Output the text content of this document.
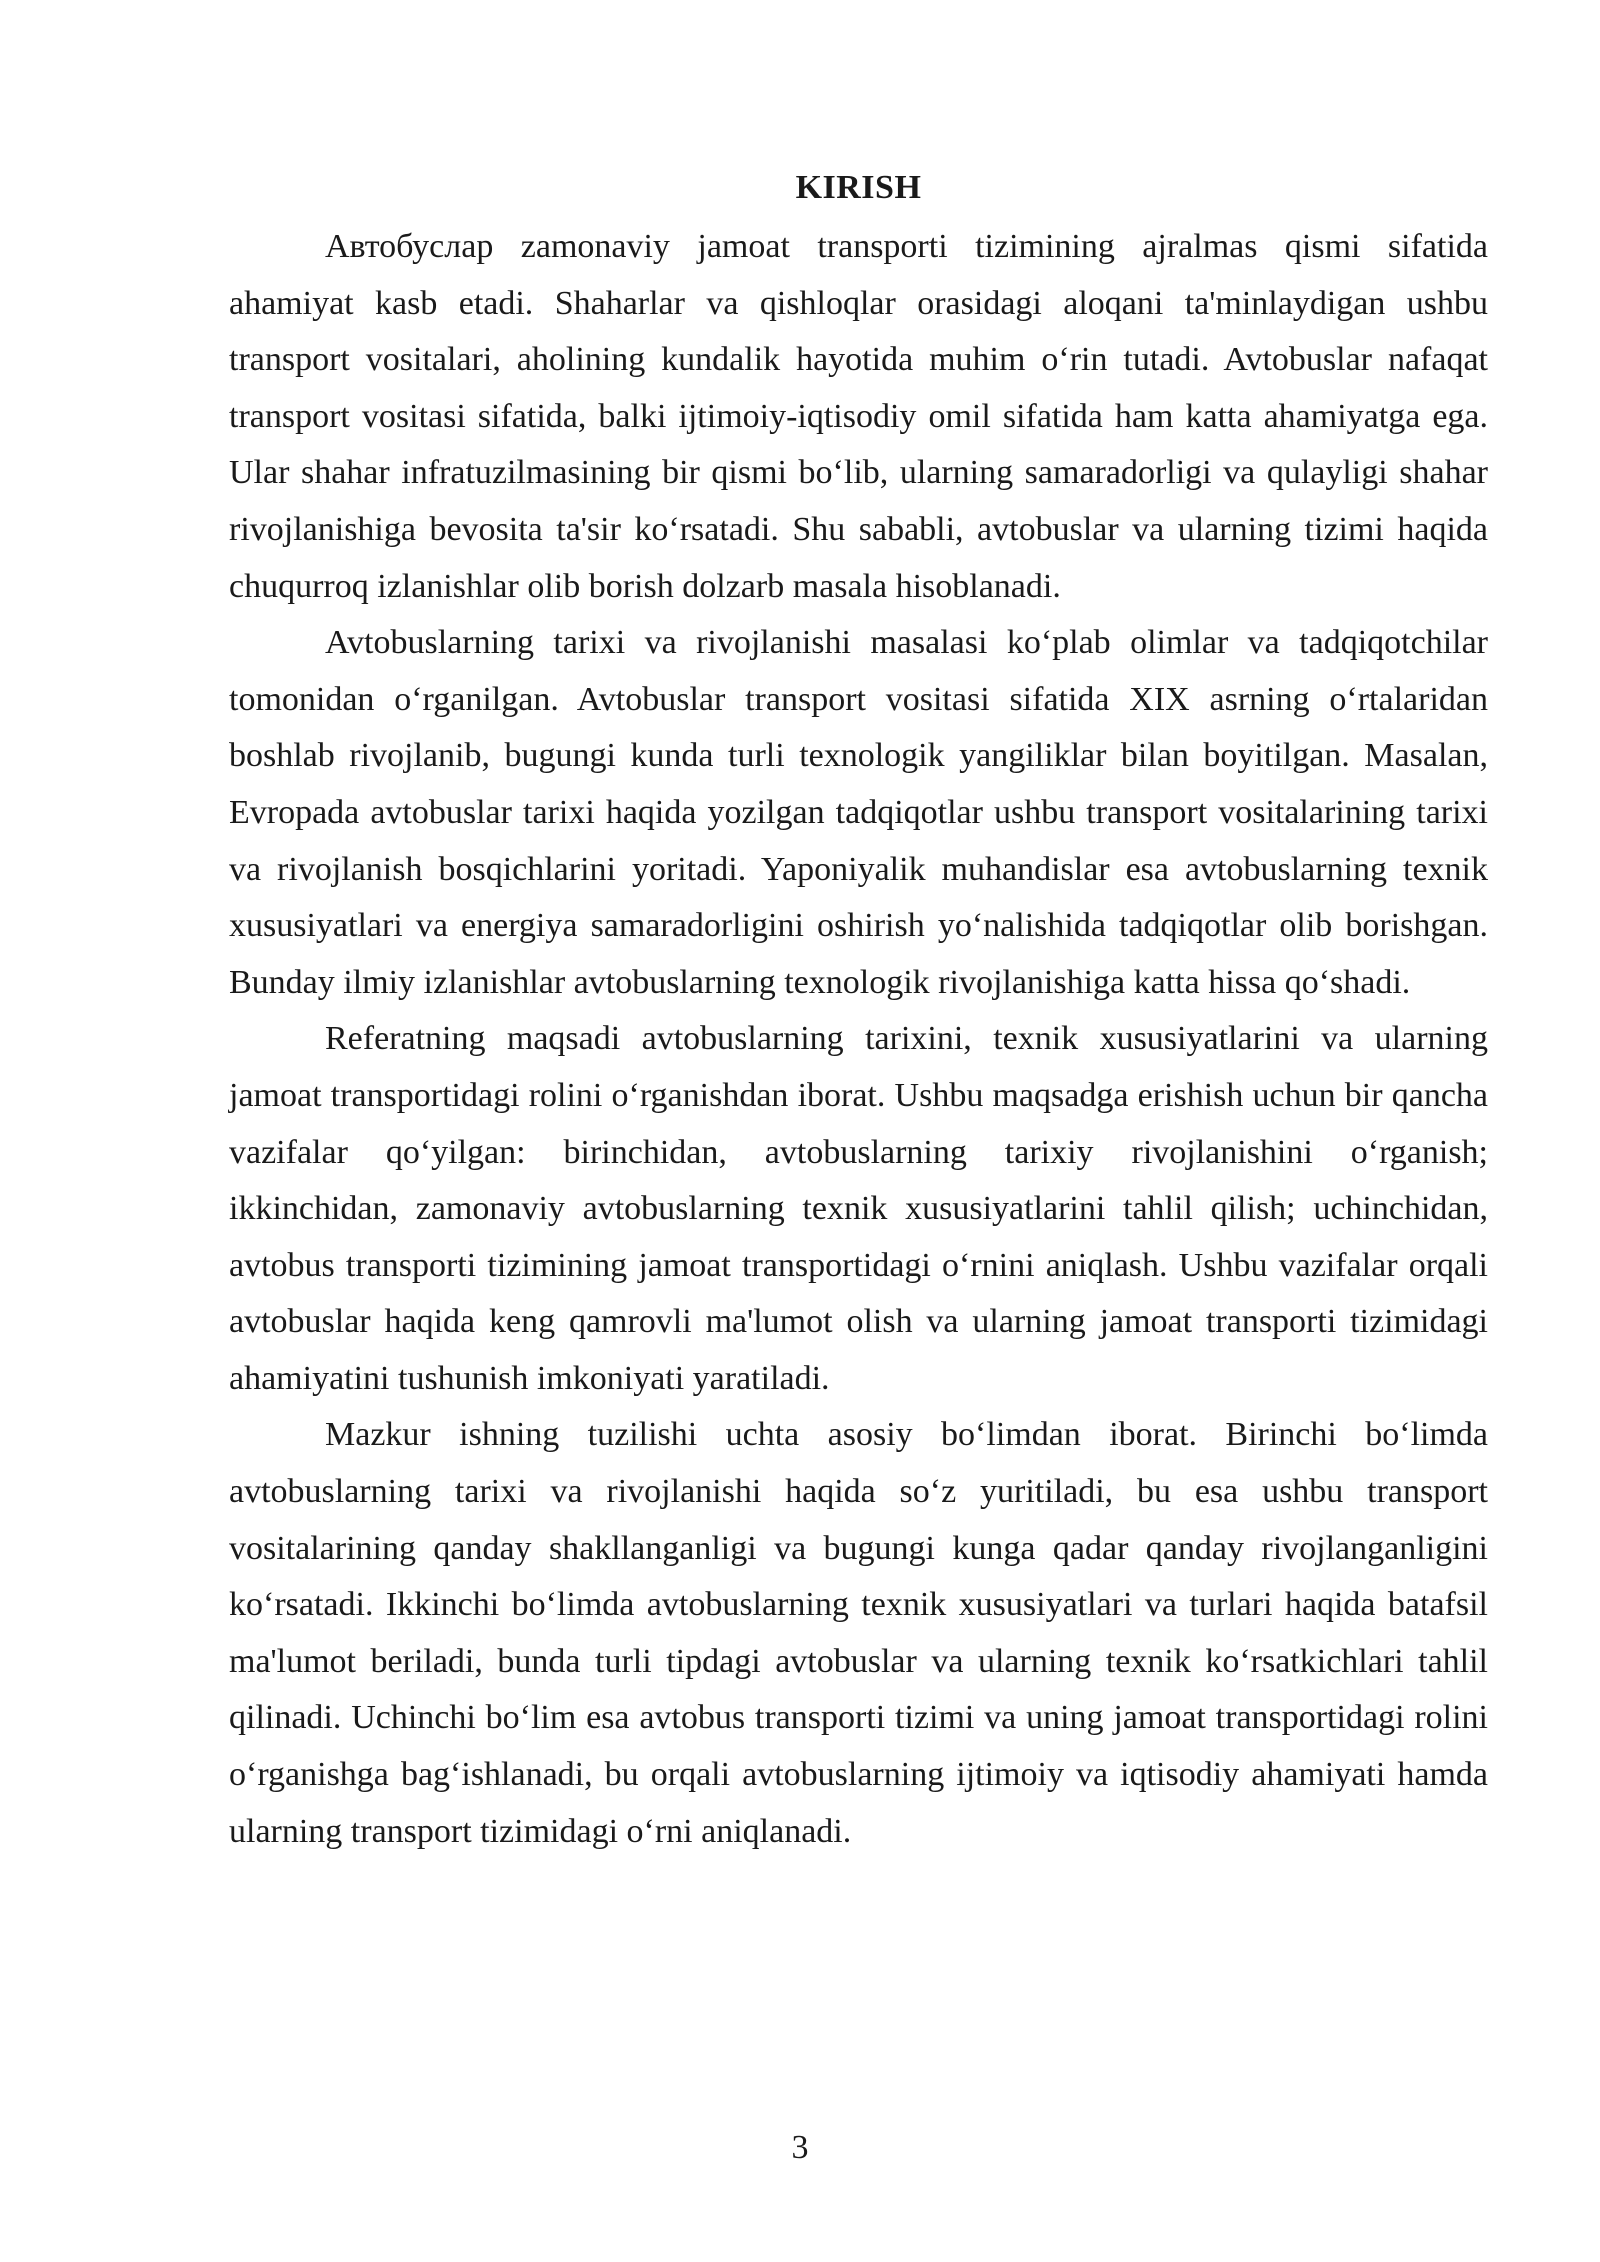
KIRISH

Автобуcлар zamonaviy jamoat transporti tizimining ajralmas qismi sifatida ahamiyat kasb etadi. Shaharlar va qishloqlar orasidagi aloqani ta'minlaydigan ushbu transport vositalari, aholining kundalik hayotida muhim o‘rin tutadi. Avtobuslar nafaqat transport vositasi sifatida, balki ijtimoiy-iqtisodiy omil sifatida ham katta ahamiyatga ega. Ular shahar infratuzilmasining bir qismi bo‘lib, ularning samaradorligi va qulayligi shahar rivojlanishiga bevosita ta'sir ko‘rsatadi. Shu sababli, avtobuslar va ularning tizimi haqida chuqurroq izlanishlar olib borish dolzarb masala hisoblanadi.

Avtobuslarning tarixi va rivojlanishi masalasi ko‘plab olimlar va tadqiqotchilar tomonidan o‘rganilgan. Avtobuslar transport vositasi sifatida XIX asrning o‘rtalaridan boshlab rivojlanib, bugungi kunda turli texnologik yangiliklar bilan boyitilgan. Masalan, Evropada avtobuslar tarixi haqida yozilgan tadqiqotlar ushbu transport vositalarining tarixi va rivojlanish bosqichlarini yoritadi. Yaponiyalik muhandislar esa avtobuslarning texnik xususiyatlari va energiya samaradorligini oshirish yo‘nalishida tadqiqotlar olib borishgan. Bunday ilmiy izlanishlar avtobuslarning texnologik rivojlanishiga katta hissa qo‘shadi.

Referatning maqsadi avtobuslarning tarixini, texnik xususiyatlarini va ularning jamoat transportidagi rolini o‘rganishdan iborat. Ushbu maqsadga erishish uchun bir qancha vazifalar qo‘yilgan: birinchidan, avtobuslarning tarixiy rivojlanishini o‘rganish; ikkinchidan, zamonaviy avtobuslarning texnik xususiyatlarini tahlil qilish; uchinchidan, avtobus transporti tizimining jamoat transportidagi o‘rnini aniqlash. Ushbu vazifalar orqali avtobuslar haqida keng qamrovli ma'lumot olish va ularning jamoat transporti tizimidagi ahamiyatini tushunish imkoniyati yaratiladi.

Mazkur ishning tuzilishi uchta asosiy bo‘limdan iborat. Birinchi bo‘limda avtobuslarning tarixi va rivojlanishi haqida so‘z yuritiladi, bu esa ushbu transport vositalarining qanday shakllanganligi va bugungi kunga qadar qanday rivojlanganligini ko‘rsatadi. Ikkinchi bo‘limda avtobuslarning texnik xususiyatlari va turlari haqida batafsil ma'lumot beriladi, bunda turli tipdagi avtobuslar va ularning texnik ko‘rsatkichlari tahlil qilinadi. Uchinchi bo‘lim esa avtobus transporti tizimi va uning jamoat transportidagi rolini o‘rganishga bag‘ishlanadi, bu orqali avtobuslarning ijtimoiy va iqtisodiy ahamiyati hamda ularning transport tizimidagi o‘rni aniqlanadi.

3
